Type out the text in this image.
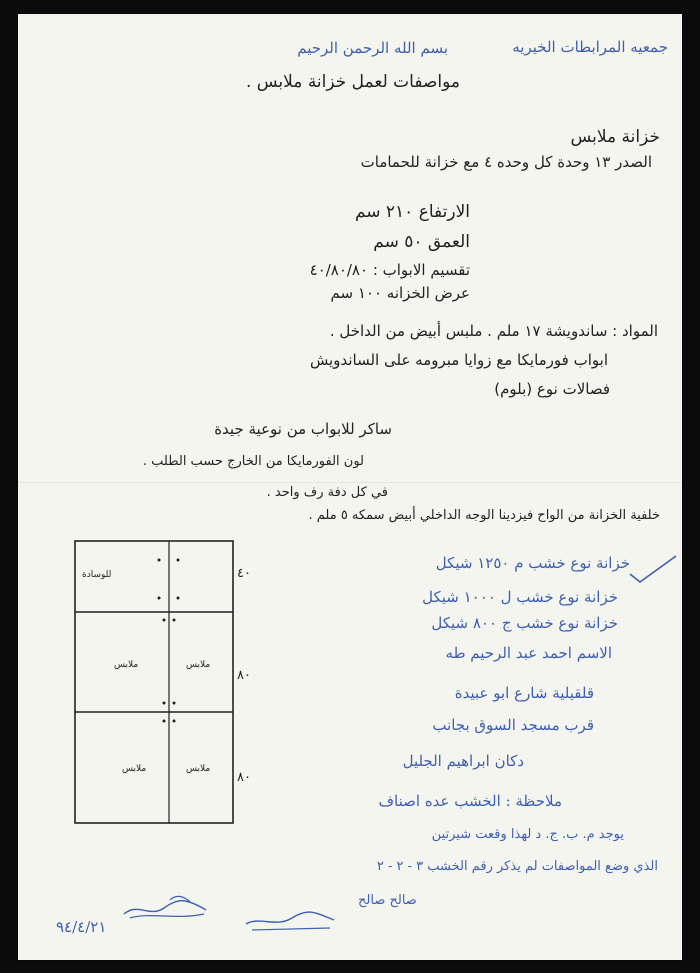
جمعيه المرابطات الخيريه
بسم الله الرحمن الرحيم
مواصفات لعمل خزانة ملابس .
خزانة ملابس
الصدر ١٣ وحدة كل وحده ٤ مع خزانة للحمامات
الارتفاع ٢١٠ سم
العمق ٥٠ سم
تقسيم الابواب : ٤٠/٨٠/٨٠
عرض الخزانه ١٠٠ سم
المواد : ساندويشة ١٧ ملم . ملبس أبيض من الداخل .
ابواب فورمايكا مع زوايا مبرومه على الساندويش
فصالات نوع (بلوم)
ساكر للابواب من نوعية جيدة
لون الفورمايكا من الخارج حسب الطلب .
في كل دفة رف واحد .
خلفية الخزانة من الواح فيزدينا الوجه الداخلي أبيض سمكه ٥ ملم .
للوسادة
ملابس	ملابس
ملابس	ملابس
٤٠
٨٠
٨٠
خزانة نوع خشب م ١٢٥٠ شيكل
خزانة نوع خشب ل ١٠٠٠ شيكل
خزانة نوع خشب ج ٨٠٠ شيكل
الاسم احمد عبد الرحيم طه
قلقيلية شارع ابو عبيدة
قرب مسجد السوق بجانب
دكان ابراهيم الجليل
ملاحظة : الخشب عده اصناف
يوجد م. ب. ج. د لهذا وقعت شيرتين
الذي وضع المواصفات لم يذكر رقم الخشب ٣ - ٢ - ٢
صالح صالح
٩٤/٤/٢١
